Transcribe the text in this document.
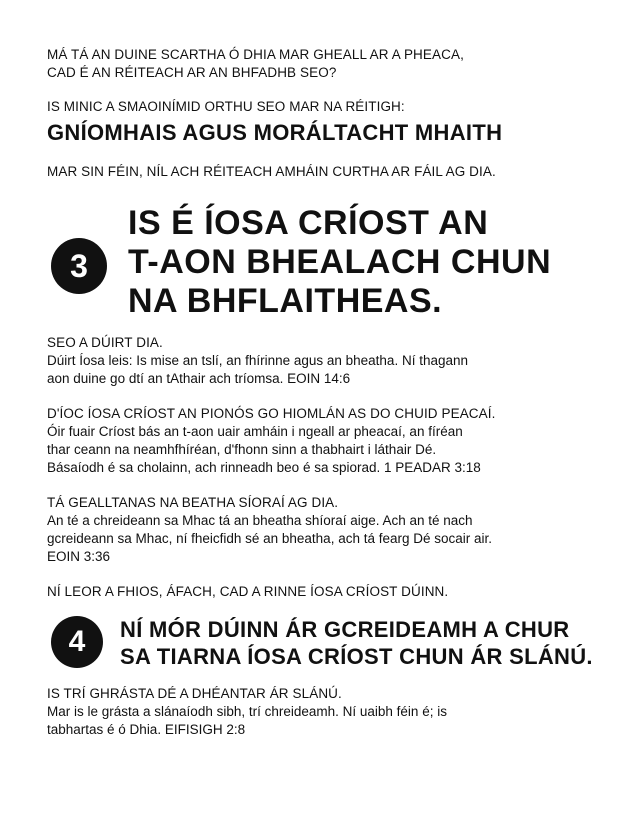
MÁ TÁ AN DUINE SCARTHA Ó DHIA MAR GHEALL AR A PHEACA,
CAD É AN RÉITEACH AR AN BHFADHB SEO?
IS MINIC A SMAOINÍMID ORTHU SEO MAR NA RÉITIGH:
GNÍOMHAIS AGUS MORÁLTACHT MHAITH
MAR SIN FÉIN, NÍL ACH RÉITEACH AMHÁIN CURTHA AR FÁIL AG DIA.
3
IS É ÍOSA CRÍOST AN
T-AON BHEALACH CHUN
NA BHFLAITHEAS.
SEO A DÚIRT DIA.
Dúirt Íosa leis: Is mise an tslí, an fhírinne agus an bheatha. Ní thagann
aon duine go dtí an tAthair ach tríomsa. EOIN 14:6
D'ÍOC ÍOSA CRÍOST AN PIONÓS GO HIOMLÁN AS DO CHUID PEACAÍ.
Óir fuair Críost bás an t-aon uair amháin i ngeall ar pheacaí, an fíréan
thar ceann na neamhfhíréan, d'fhonn sinn a thabhairt i láthair Dé.
Básaíodh é sa cholainn, ach rinneadh beo é sa spiorad. 1 PEADAR 3:18
TÁ GEALLTANAS NA BEATHA SÍORAÍ AG DIA.
An té a chreideann sa Mhac tá an bheatha shíoraí aige. Ach an té nach
gcreideann sa Mhac, ní fheicfidh sé an bheatha, ach tá fearg Dé socair air.
EOIN 3:36
NÍ LEOR A FHIOS, ÁFACH, CAD A RINNE ÍOSA CRÍOST DÚINN.
4	NÍ MÓR DÚINN ÁR GCREIDEAMH A CHUR
SA TIARNA ÍOSA CRÍOST CHUN ÁR SLÁNÚ.
IS TRÍ GHRÁSTA DÉ A DHÉANTAR ÁR SLÁNÚ.
Mar is le grásta a slánaíodh sibh, trí chreideamh. Ní uaibh féin é; is
tabhartas é ó Dhia. EIFISIGH 2:8
